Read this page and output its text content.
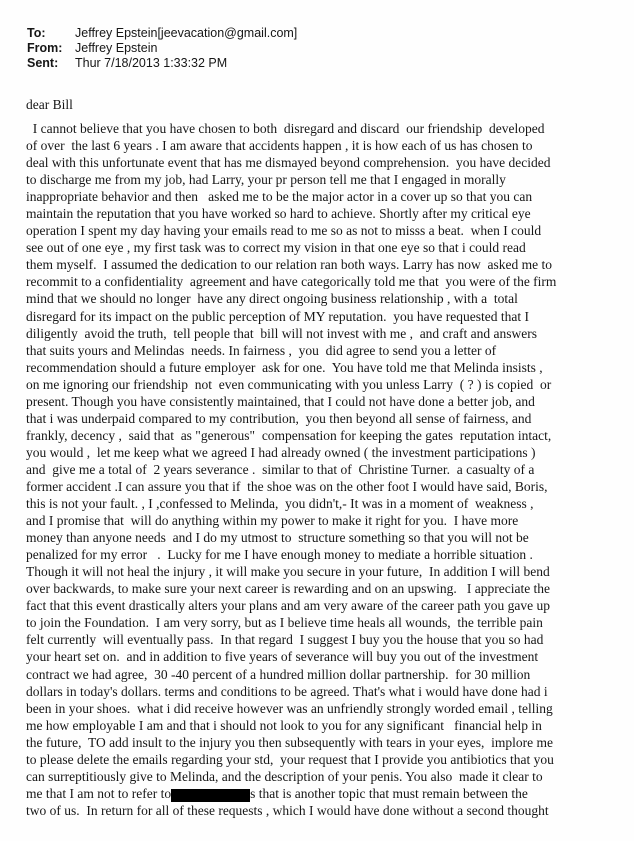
To:	Jeffrey Epstein[jeevacation@gmail.com]
From:	Jeffrey Epstein
Sent:	Thur 7/18/2013 1:33:32 PM
dear Bill
I cannot believe that you have chosen to both  disregard and discard  our friendship  developed
of over  the last 6 years . I am aware that accidents happen , it is how each of us has chosen to
deal with this unfortunate event that has me dismayed beyond comprehension.  you have decided
to discharge me from my job, had Larry, your pr person tell me that I engaged in morally
inappropriate behavior and then   asked me to be the major actor in a cover up so that you can
maintain the reputation that you have worked so hard to achieve. Shortly after my critical eye
operation I spent my day having your emails read to me so as not to misss a beat.  when I could
see out of one eye , my first task was to correct my vision in that one eye so that i could read
them myself.  I assumed the dedication to our relation ran both ways. Larry has now  asked me to
recommit to a confidentiality  agreement and have categorically told me that  you were of the firm
mind that we should no longer  have any direct ongoing business relationship , with a  total
disregard for its impact on the public perception of MY reputation.  you have requested that I
diligently  avoid the truth,  tell people that  bill will not invest with me ,  and craft and answers
that suits yours and Melindas  needs. In fairness ,  you  did agree to send you a letter of
recommendation should a future employer  ask for one.  You have told me that Melinda insists ,
on me ignoring our friendship  not  even communicating with you unless Larry  ( ? ) is copied  or
present. Though you have consistently maintained, that I could not have done a better job, and
that i was underpaid compared to my contribution,  you then beyond all sense of fairness, and
frankly, decency ,  said that  as "generous"  compensation for keeping the gates  reputation intact,
you would ,  let me keep what we agreed I had already owned ( the investment participations )
and  give me a total of  2 years severance .  similar to that of  Christine Turner.  a casualty of a
former accident .I can assure you that if  the shoe was on the other foot I would have said, Boris,
this is not your fault. , I ,confessed to Melinda,  you didn't,- It was in a moment of  weakness ,
and I promise that  will do anything within my power to make it right for you.  I have more
money than anyone needs  and I do my utmost to  structure something so that you will not be
penalized for my error   .  Lucky for me I have enough money to mediate a horrible situation .
Though it will not heal the injury , it will make you secure in your future,  In addition I will bend
over backwards, to make sure your next career is rewarding and on an upswing.   I appreciate the
fact that this event drastically alters your plans and am very aware of the career path you gave up
to join the Foundation.  I am very sorry, but as I believe time heals all wounds,  the terrible pain
felt currently  will eventually pass.  In that regard  I suggest I buy you the house that you so had
your heart set on.  and in addition to five years of severance will buy you out of the investment
contract we had agree,  30 -40 percent of a hundred million dollar partnership.  for 30 million
dollars in today's dollars. terms and conditions to be agreed. That's what i would have done had i
been in your shoes.  what i did receive however was an unfriendly strongly worded email , telling
me how employable I am and that i should not look to you for any significant   financial help in
the future,  TO add insult to the injury you then subsequently with tears in your eyes,  implore me
to please delete the emails regarding your std,  your request that I provide you antibiotics that you
can surreptitiously give to Melinda, and the description of your penis. You also  made it clear to
me that I am not to refer to	s that is another topic that must remain between the
two of us.  In return for all of these requests , which I would have done without a second thought
